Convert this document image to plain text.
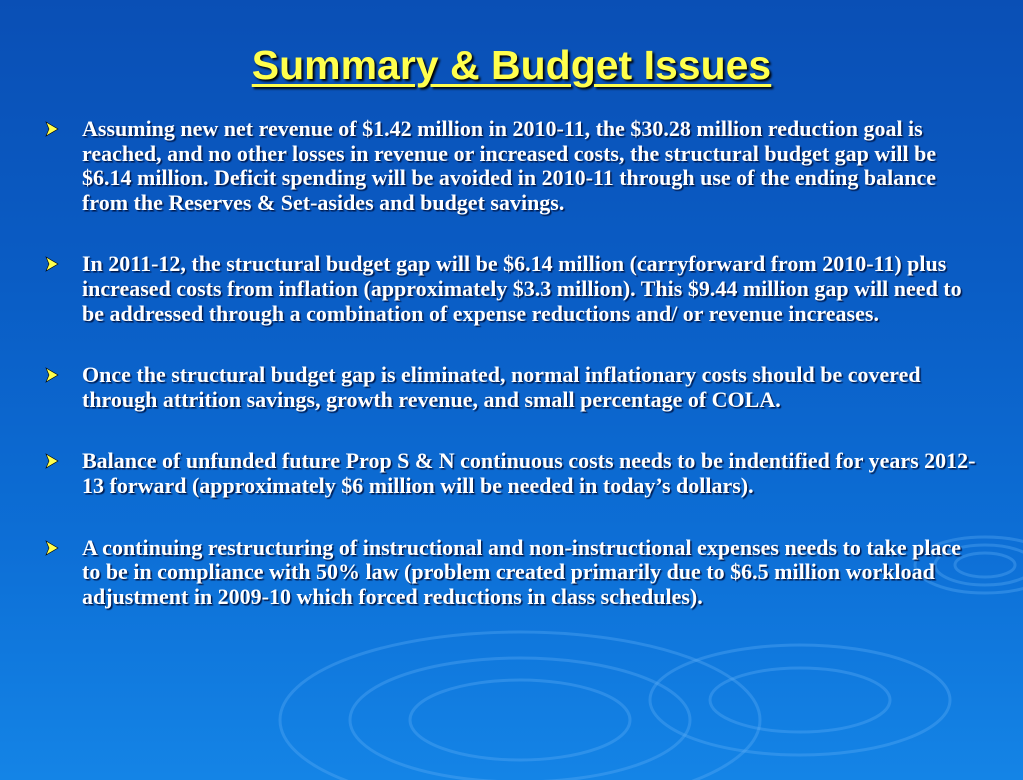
Summary & Budget Issues
Assuming new net revenue of $1.42 million in 2010-11, the $30.28 million reduction goal is reached, and no other losses in revenue or increased costs, the structural budget gap will be $6.14 million. Deficit spending will be avoided in 2010-11 through use of the ending balance from the Reserves & Set-asides and budget savings.
In 2011-12, the structural budget gap will be $6.14 million (carryforward from 2010-11) plus increased costs from inflation (approximately $3.3 million). This $9.44 million gap will need to be addressed through a combination of expense reductions and/ or revenue increases.
Once the structural budget gap is eliminated, normal inflationary costs should be covered through attrition savings, growth revenue, and small percentage of COLA.
Balance of unfunded future Prop S & N continuous costs needs to be indentified for years 2012-13 forward (approximately $6 million will be needed in today’s dollars).
A continuing restructuring of instructional and non-instructional expenses needs to take place to be in compliance with 50% law (problem created primarily due to $6.5 million workload adjustment in 2009-10 which forced reductions in class schedules).
